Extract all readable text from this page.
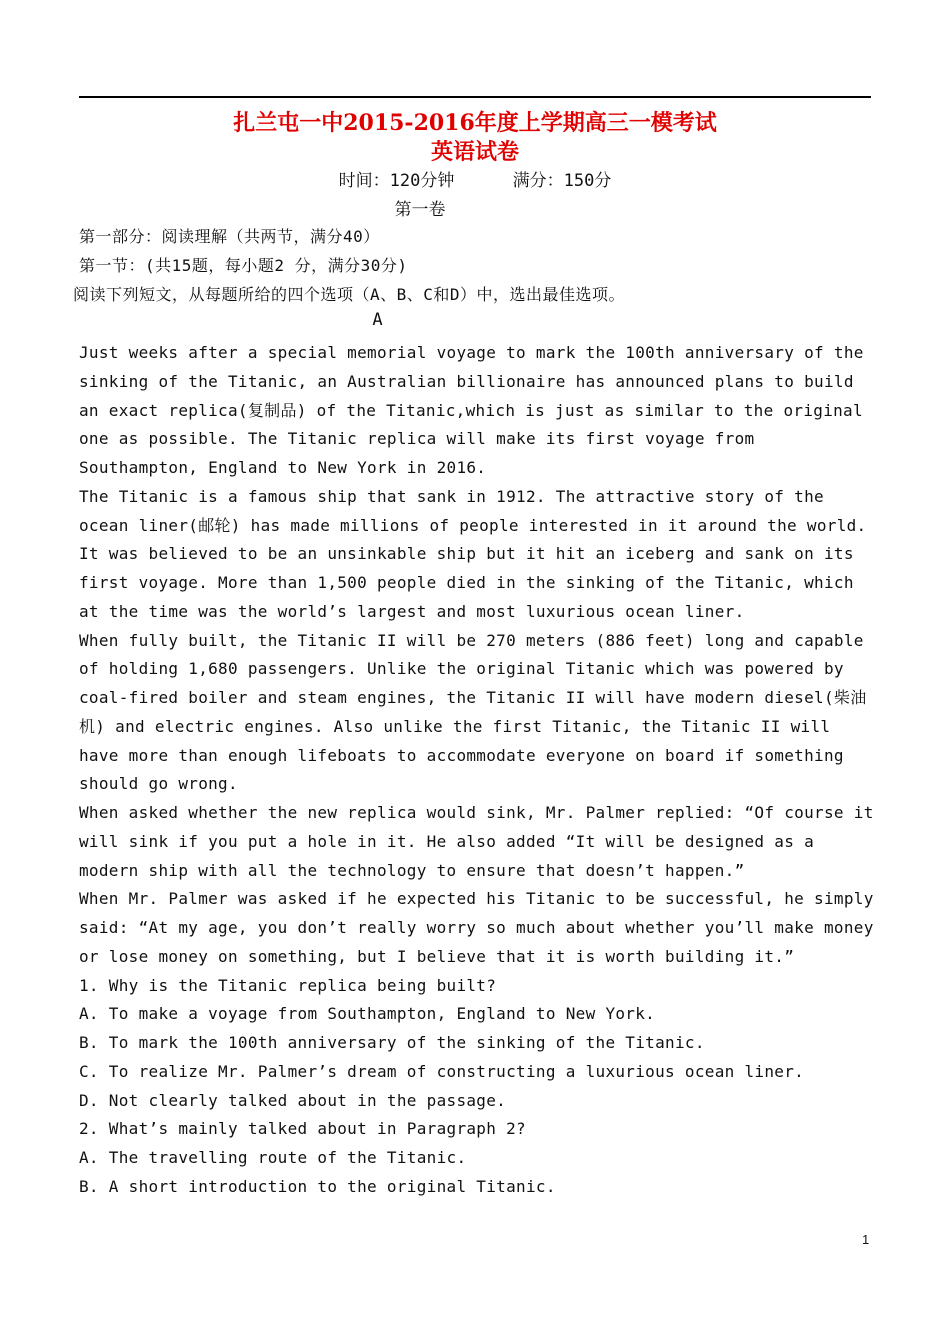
扎兰屯一中2015-2016年度上学期高三一模考试
英语试卷
时间：120分钟	满分：150分
第一卷
第一部分：阅读理解（共两节，满分40）
第一节：(共15题，每小题2 分，满分30分)
阅读下列短文，从每题所给的四个选项（A、B、C和D）中，选出最佳选项。
A

Just weeks after a special memorial voyage to mark the 100th anniversary of the sinking of the Titanic, an Australian billionaire has announced plans to build an exact replica(复制品) of the Titanic,which is just as similar to the original one as possible. The Titanic replica will make its first voyage from Southampton, England to New York in 2016.

The Titanic is a famous ship that sank in 1912. The attractive story of the ocean liner(邮轮) has made millions of people interested in it around the world. It was believed to be an unsinkable ship but it hit an iceberg and sank on its first voyage. More than 1,500 people died in the sinking of the Titanic, which at the time was the world’s largest and most luxurious ocean liner.

When fully built, the Titanic II will be 270 meters (886 feet) long and capable of holding 1,680 passengers. Unlike the original Titanic which was powered by coal-fired boiler and steam engines, the Titanic II will have modern diesel(柴油机) and electric engines. Also unlike the first Titanic, the Titanic II will have more than enough lifeboats to accommodate everyone on board if something should go wrong.

When asked whether the new replica would sink, Mr. Palmer replied: “Of course it will sink if you put a hole in it. He also added “It will be designed as a modern ship with all the technology to ensure that doesn’t happen.”

When Mr. Palmer was asked if he expected his Titanic to be successful, he simply said: “At my age, you don’t really worry so much about whether you’ll make money or lose money on something, but I believe that it is worth building it.”

1. Why is the Titanic replica being built?

A. To make a voyage from Southampton, England to New York.

B. To mark the 100th anniversary of the sinking of the Titanic.

C. To realize Mr. Palmer’s dream of constructing a luxurious ocean liner.

D. Not clearly talked about in the passage.

2. What’s mainly talked about in Paragraph 2?

A. The travelling route of the Titanic.

B. A short introduction to the original Titanic.

1
